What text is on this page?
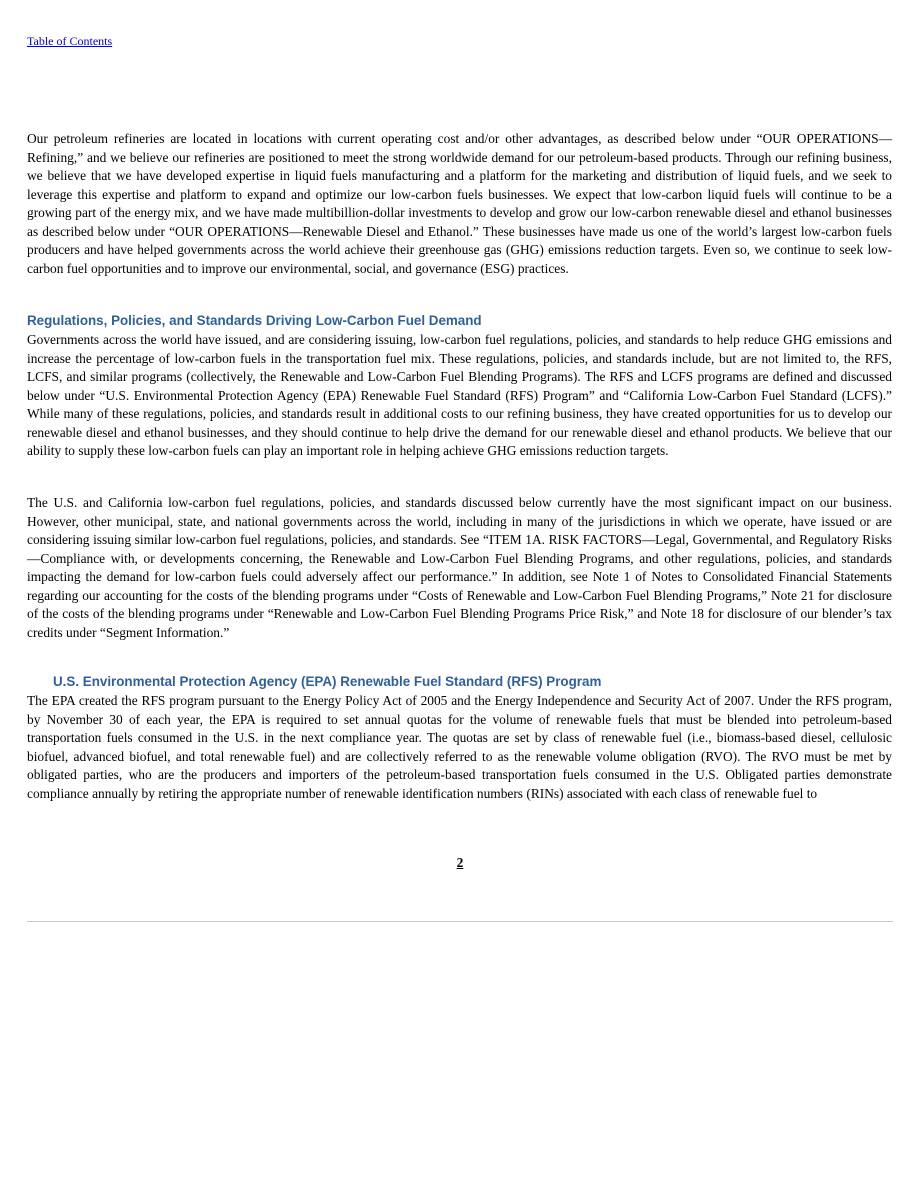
Table of Contents

Our petroleum refineries are located in locations with current operating cost and/or other advantages, as described below under “OUR OPERATIONS—Refining,” and we believe our refineries are positioned to meet the strong worldwide demand for our petroleum-based products. Through our refining business, we believe that we have developed expertise in liquid fuels manufacturing and a platform for the marketing and distribution of liquid fuels, and we seek to leverage this expertise and platform to expand and optimize our low-carbon fuels businesses. We expect that low-carbon liquid fuels will continue to be a growing part of the energy mix, and we have made multibillion-dollar investments to develop and grow our low-carbon renewable diesel and ethanol businesses as described below under “OUR OPERATIONS—Renewable Diesel and Ethanol.” These businesses have made us one of the world’s largest low-carbon fuels producers and have helped governments across the world achieve their greenhouse gas (GHG) emissions reduction targets. Even so, we continue to seek low-carbon fuel opportunities and to improve our environmental, social, and governance (ESG) practices.

Regulations, Policies, and Standards Driving Low-Carbon Fuel Demand

Governments across the world have issued, and are considering issuing, low-carbon fuel regulations, policies, and standards to help reduce GHG emissions and increase the percentage of low-carbon fuels in the transportation fuel mix. These regulations, policies, and standards include, but are not limited to, the RFS, LCFS, and similar programs (collectively, the Renewable and Low-Carbon Fuel Blending Programs). The RFS and LCFS programs are defined and discussed below under “U.S. Environmental Protection Agency (EPA) Renewable Fuel Standard (RFS) Program” and “California Low-Carbon Fuel Standard (LCFS).” While many of these regulations, policies, and standards result in additional costs to our refining business, they have created opportunities for us to develop our renewable diesel and ethanol businesses, and they should continue to help drive the demand for our renewable diesel and ethanol products. We believe that our ability to supply these low-carbon fuels can play an important role in helping achieve GHG emissions reduction targets.

The U.S. and California low-carbon fuel regulations, policies, and standards discussed below currently have the most significant impact on our business. However, other municipal, state, and national governments across the world, including in many of the jurisdictions in which we operate, have issued or are considering issuing similar low-carbon fuel regulations, policies, and standards. See “ITEM 1A. RISK FACTORS—Legal, Governmental, and Regulatory Risks—Compliance with, or developments concerning, the Renewable and Low-Carbon Fuel Blending Programs, and other regulations, policies, and standards impacting the demand for low-carbon fuels could adversely affect our performance.” In addition, see Note 1 of Notes to Consolidated Financial Statements regarding our accounting for the costs of the blending programs under “Costs of Renewable and Low-Carbon Fuel Blending Programs,” Note 21 for disclosure of the costs of the blending programs under “Renewable and Low-Carbon Fuel Blending Programs Price Risk,” and Note 18 for disclosure of our blender’s tax credits under “Segment Information.”

U.S. Environmental Protection Agency (EPA) Renewable Fuel Standard (RFS) Program

The EPA created the RFS program pursuant to the Energy Policy Act of 2005 and the Energy Independence and Security Act of 2007. Under the RFS program, by November 30 of each year, the EPA is required to set annual quotas for the volume of renewable fuels that must be blended into petroleum-based transportation fuels consumed in the U.S. in the next compliance year. The quotas are set by class of renewable fuel (i.e., biomass-based diesel, cellulosic biofuel, advanced biofuel, and total renewable fuel) and are collectively referred to as the renewable volume obligation (RVO). The RVO must be met by obligated parties, who are the producers and importers of the petroleum-based transportation fuels consumed in the U.S. Obligated parties demonstrate compliance annually by retiring the appropriate number of renewable identification numbers (RINs) associated with each class of renewable fuel to

2
